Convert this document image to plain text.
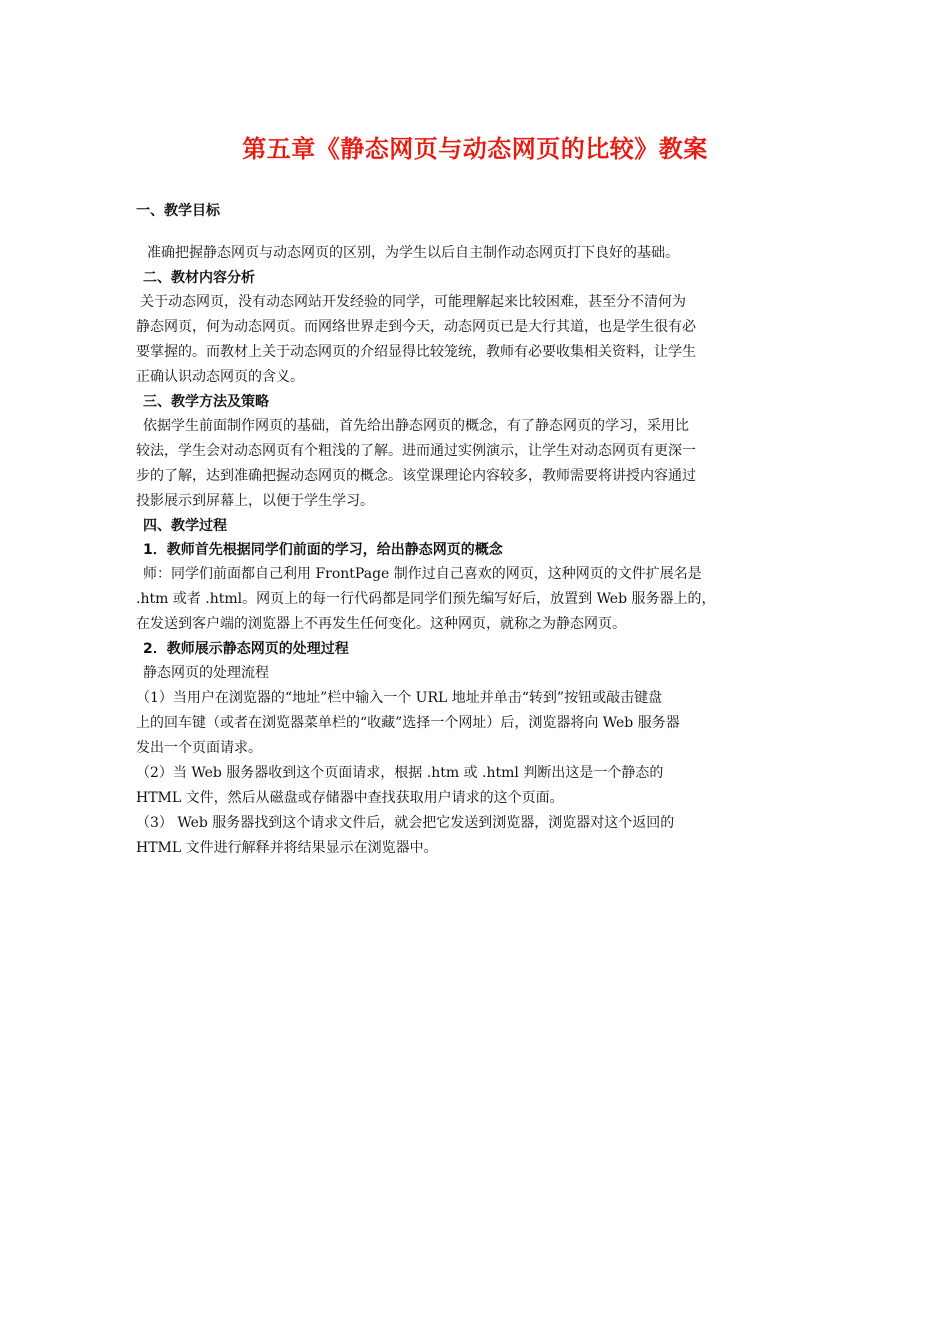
第五章《静态网页与动态网页的比较》教案
一、教学目标
准确把握静态网页与动态网页的区别，为学生以后自主制作动态网页打下良好的基础。
二、教材内容分析
关于动态网页，没有动态网站开发经验的同学，可能理解起来比较困难，甚至分不清何为
静态网页，何为动态网页。而网络世界走到今天，动态网页已是大行其道，也是学生很有必
要掌握的。而教材上关于动态网页的介绍显得比较笼统，教师有必要收集相关资料，让学生
正确认识动态网页的含义。
三、教学方法及策略
依据学生前面制作网页的基础，首先给出静态网页的概念，有了静态网页的学习，采用比
较法，学生会对动态网页有个粗浅的了解。进而通过实例演示，让学生对动态网页有更深一
步的了解，达到准确把握动态网页的概念。该堂课理论内容较多，教师需要将讲授内容通过
投影展示到屏幕上，以便于学生学习。
四、教学过程
1．教师首先根据同学们前面的学习，给出静态网页的概念
师：同学们前面都自己利用 FrontPage 制作过自己喜欢的网页，这种网页的文件扩展名是
.htm 或者 .html。网页上的每一行代码都是同学们预先编写好后，放置到 Web 服务器上的，
在发送到客户端的浏览器上不再发生任何变化。这种网页，就称之为静态网页。
2．教师展示静态网页的处理过程
静态网页的处理流程
（1）当用户在浏览器的“地址”栏中输入一个 URL 地址并单击“转到”按钮或敲击键盘
上的回车键（或者在浏览器菜单栏的“收藏”选择一个网址）后，浏览器将向 Web 服务器
发出一个页面请求。
（2）当 Web 服务器收到这个页面请求，根据 .htm 或 .html 判断出这是一个静态的
HTML 文件，然后从磁盘或存储器中查找获取用户请求的这个页面。
（3） Web 服务器找到这个请求文件后，就会把它发送到浏览器，浏览器对这个返回的
HTML 文件进行解释并将结果显示在浏览器中。
